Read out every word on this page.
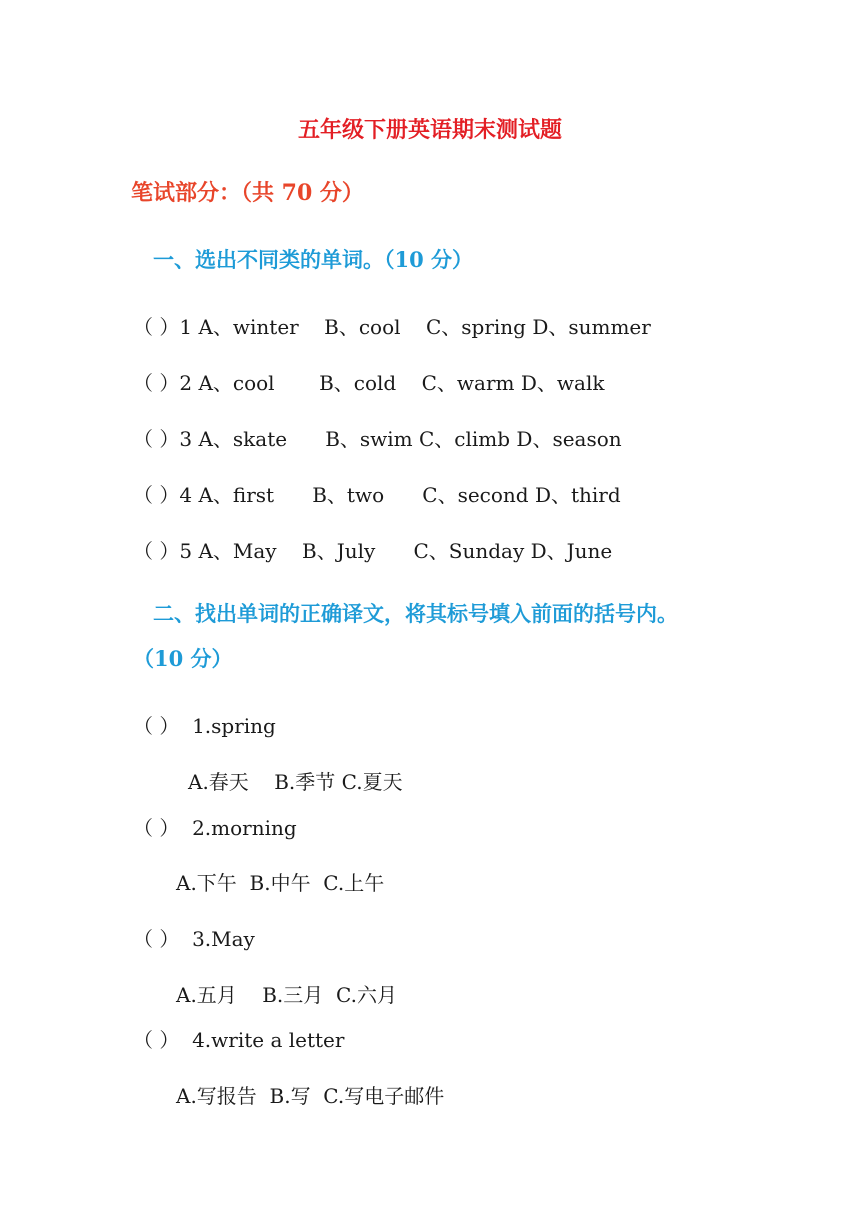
五年级下册英语期末测试题
笔试部分：（共 70 分）
一、选出不同类的单词。（10 分）
（ ）1 A、winter    B、cool    C、spring D、summer
（ ）2 A、cool       B、cold    C、warm D、walk
（ ）3 A、skate      B、swim C、climb D、season
（ ）4 A、first      B、two      C、second D、third
（ ）5 A、May    B、July      C、Sunday D、June
二、找出单词的正确译文，将其标号填入前面的括号内。
（10 分）
（ ）  1.spring
A.春天    B.季节 C.夏天
（ ）  2.morning
A.下午  B.中午  C.上午
（ ）  3.May
A.五月    B.三月  C.六月
（ ）  4.write a letter
A.写报告  B.写  C.写电子邮件
